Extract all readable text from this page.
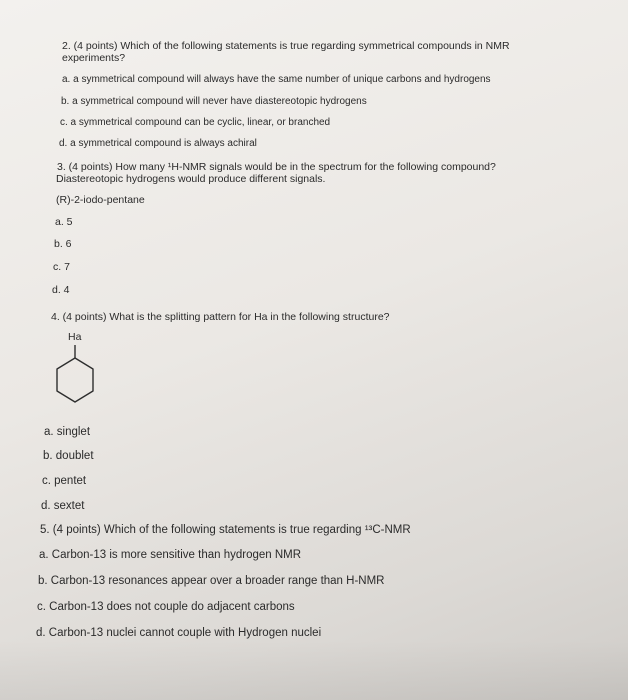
2. (4 points) Which of the following statements is true regarding symmetrical compounds in NMR
experiments?
a. a symmetrical compound will always have the same number of unique carbons and hydrogens
b. a symmetrical compound will never have diastereotopic hydrogens
c. a symmetrical compound can be cyclic, linear, or branched
d. a symmetrical compound is always achiral
3. (4 points) How many ¹H-NMR signals would be in the spectrum for the following compound?
Diastereotopic hydrogens would produce different signals.
(R)-2-iodo-pentane
a. 5
b. 6
c. 7
d. 4
4. (4 points) What is the splitting pattern for Ha in the following structure?
Ha
a. singlet
b. doublet
c. pentet
d. sextet
5. (4 points) Which of the following statements is true regarding ¹³C-NMR
a. Carbon-13 is more sensitive than hydrogen NMR
b. Carbon-13 resonances appear over a broader range than H-NMR
c. Carbon-13 does not couple do adjacent carbons
d. Carbon-13 nuclei cannot couple with Hydrogen nuclei
